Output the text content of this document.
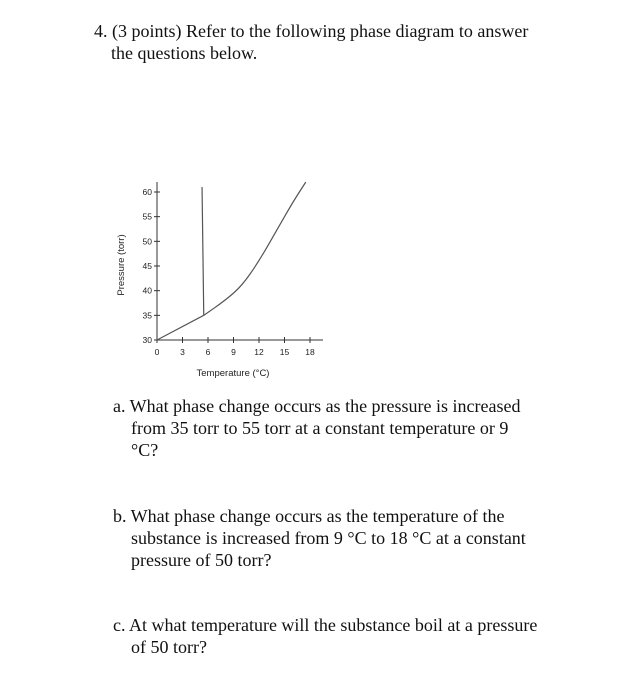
4. (3 points) Refer to the following phase diagram to answer
the questions below.
0 3 6 9 12 15 18
30
35
40
45
50
55
60
Temperature (°C)
Pressure (torr)
a. What phase change occurs as the pressure is increased
from 35 torr to 55 torr at a constant temperature or 9
°C?
b. What phase change occurs as the temperature of the
substance is increased from 9 °C to 18 °C at a constant
pressure of 50 torr?
c. At what temperature will the substance boil at a pressure
of 50 torr?
